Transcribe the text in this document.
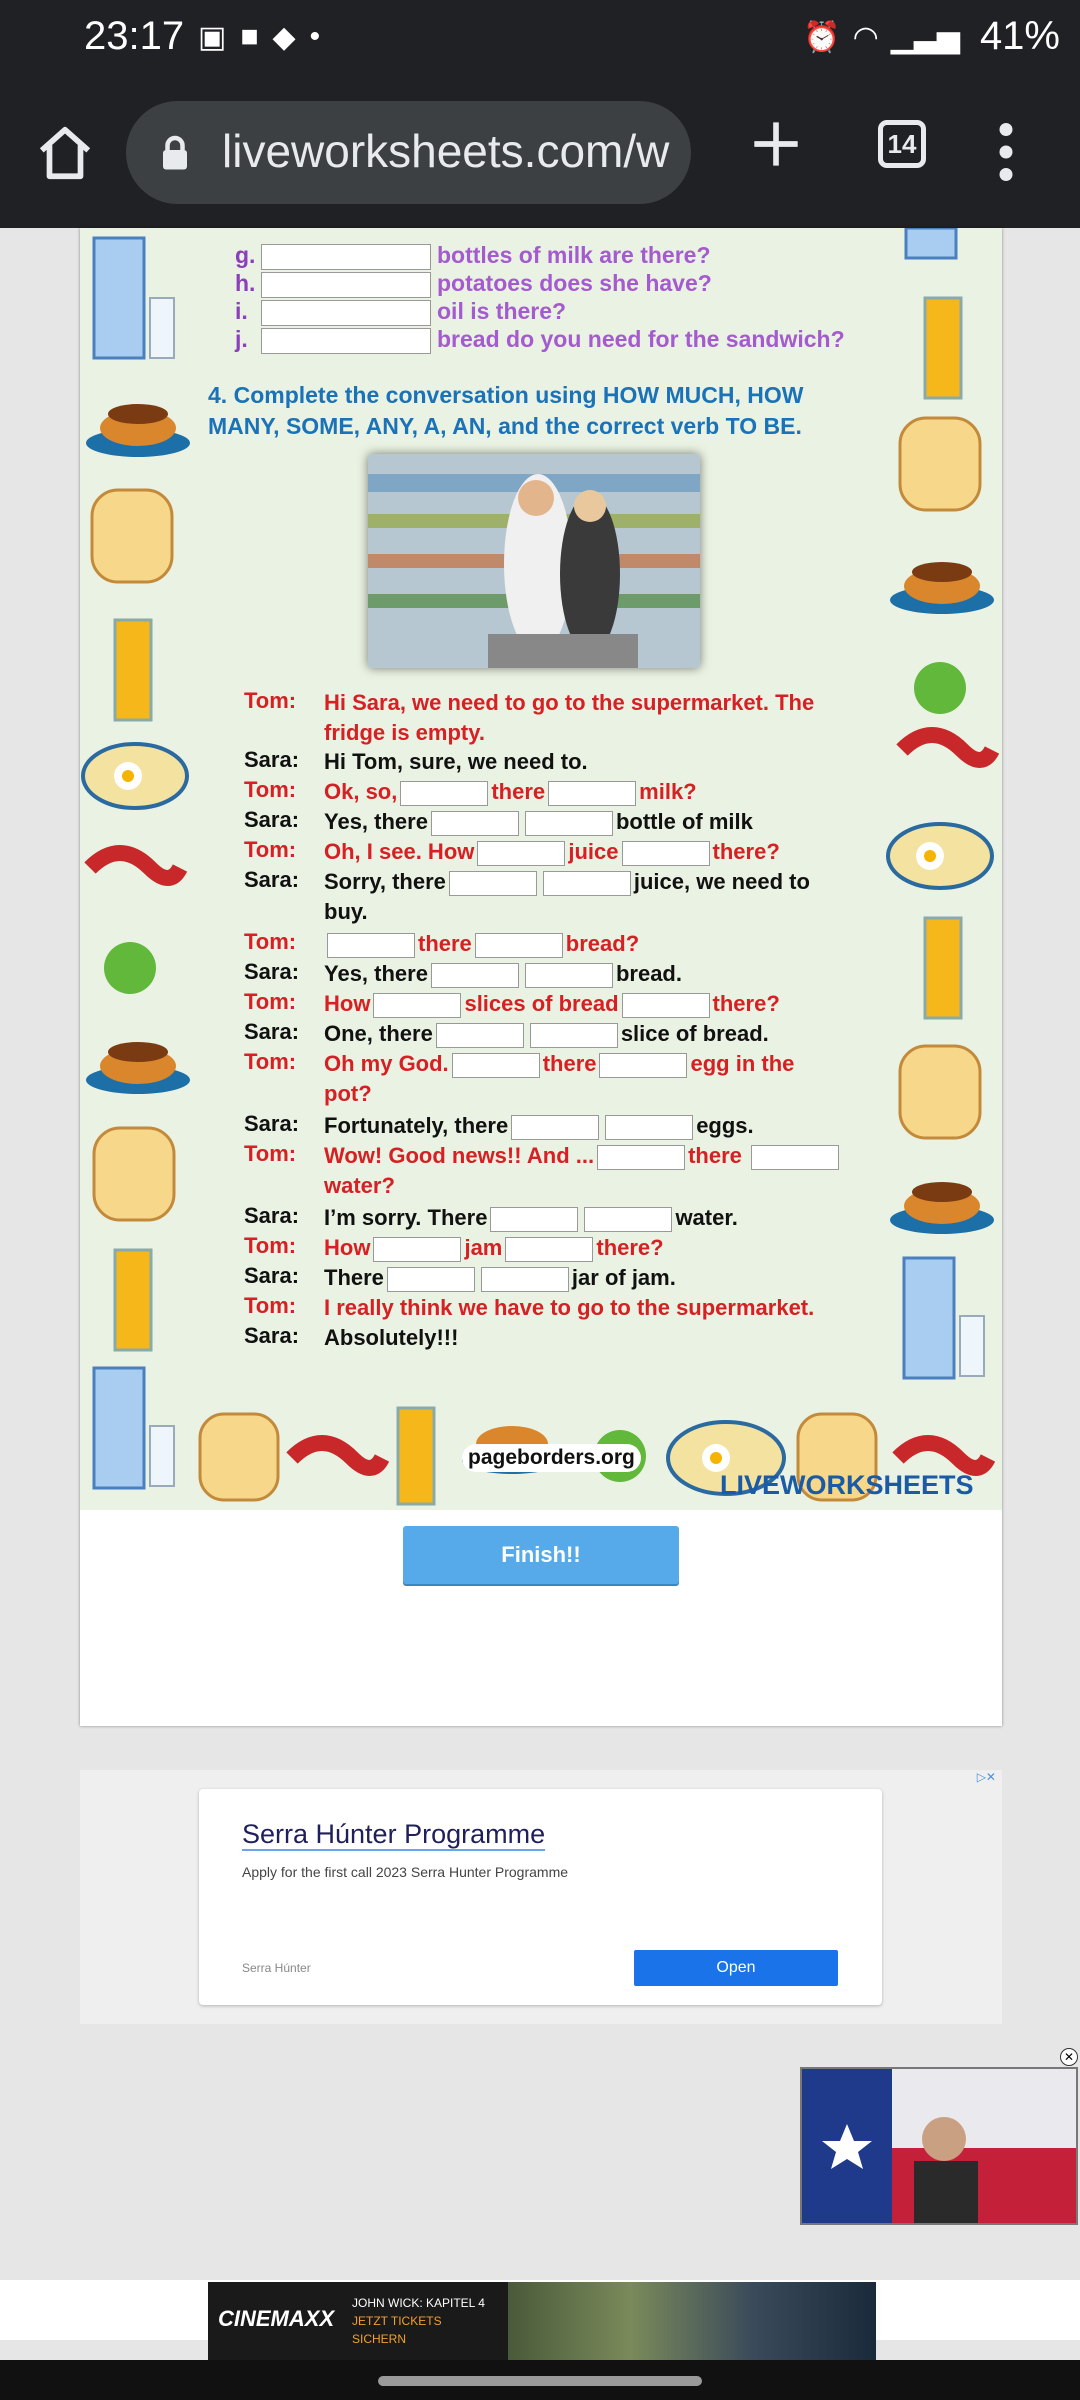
23:17 ▣ ■ ◆ •	⏰ ◠ ▁▃▅ 41%
liveworksheets.com/w	14
g.	bottles of milk are there?
h.	potatoes does she have?
i.	oil is there?
j.	bread do you need for the sandwich?
4. Complete the conversation using HOW MUCH, HOW MANY, SOME, ANY, A, AN, and the correct verb TO BE.
Tom:	Hi Sara, we need to go to the supermarket. The fridge is empty.
Sara:	Hi Tom, sure, we need to.
Tom:	Ok, so,	there	milk?
Sara:	Yes, there	bottle of milk
Tom:	Oh, I see. How	juice	there?
Sara:	Sorry, there	juice, we need to buy.
Tom:	there	bread?
Sara:	Yes, there	bread.
Tom:	How	slices of bread	there?
Sara:	One, there	slice of bread.
Tom:	Oh my God.	there	egg in the pot?
Sara:	Fortunately, there	eggs.
Tom:	Wow! Good news!! And ...	there water?
Sara:	I’m sorry. There	water.
Tom:	How	jam	there?
Sara:	There	jar of jam.
Tom:	I really think we have to go to the supermarket.
Sara:	Absolutely!!!
pageborders.org
LIVEWORKSHEETS
Finish!!
▷✕
Serra Húnter Programme
Apply for the first call 2023 Serra Hunter Programme
Serra Húnter	Open
✕
CINEMAXX
JOHN WICK: KAPITEL 4
JETZT TICKETS
SICHERN
